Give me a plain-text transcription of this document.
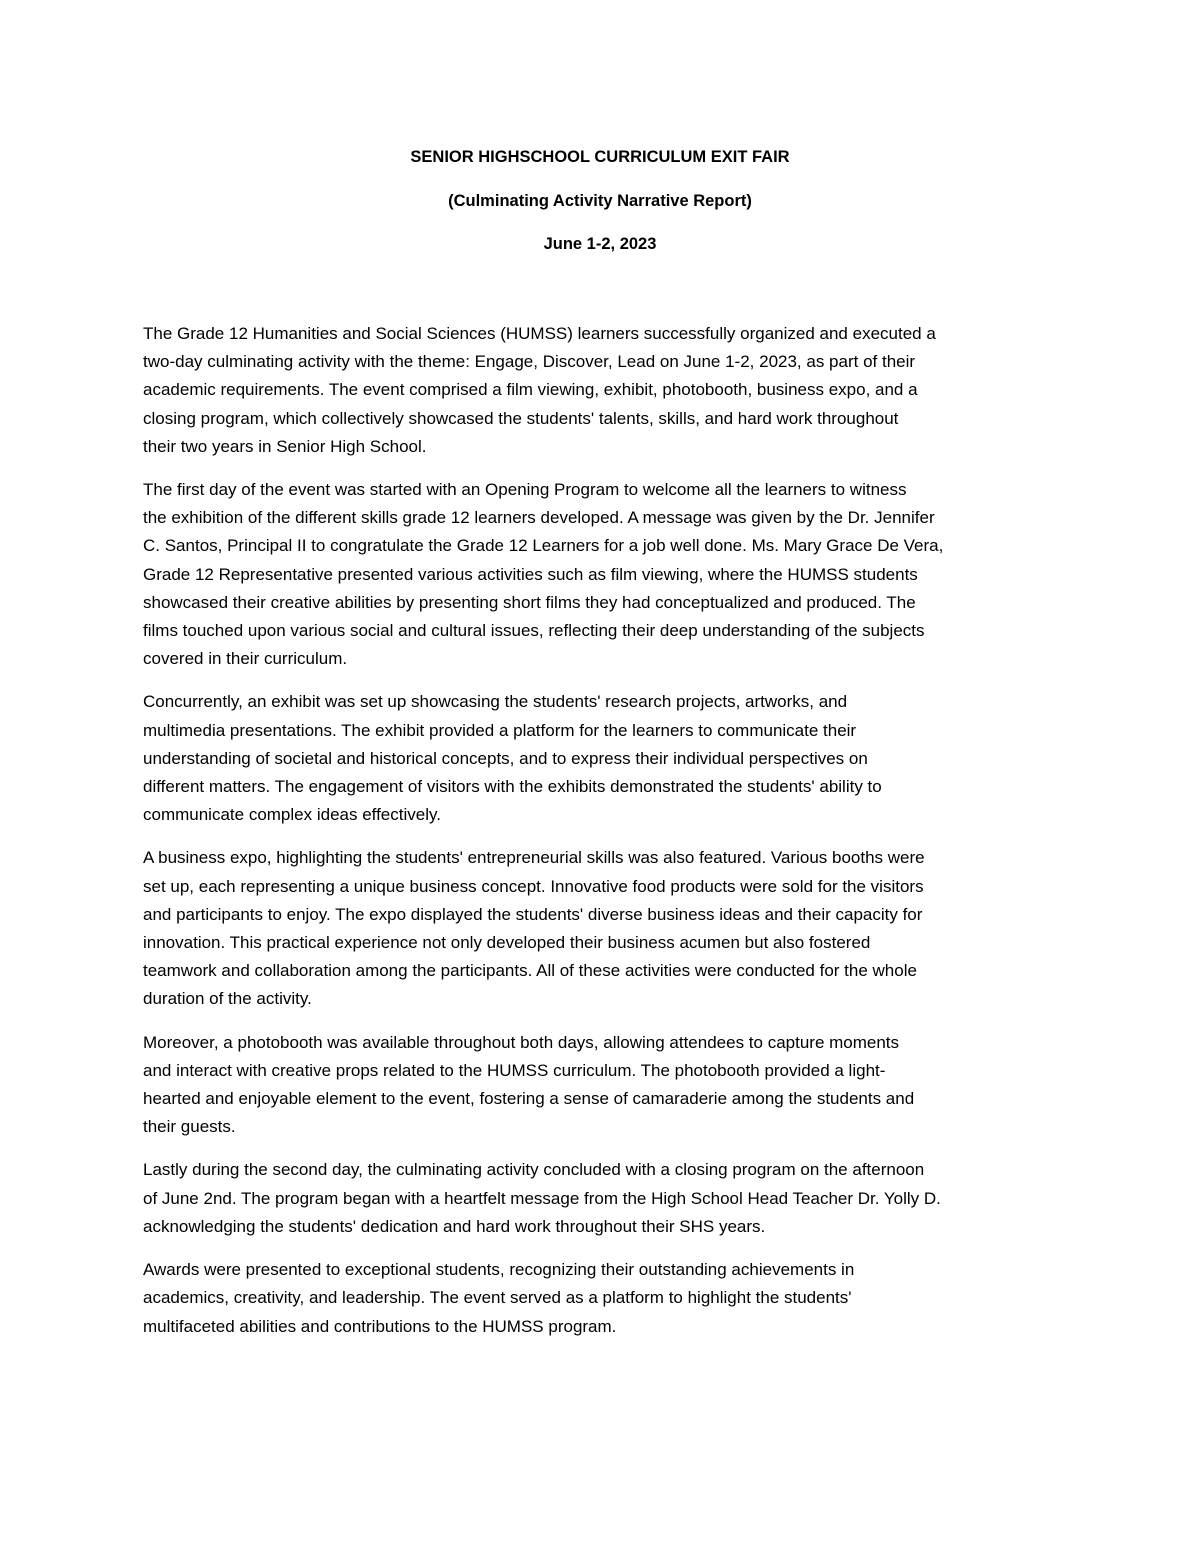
SENIOR HIGHSCHOOL CURRICULUM EXIT FAIR
(Culminating Activity Narrative Report)
June 1-2, 2023

The Grade 12 Humanities and Social Sciences (HUMSS) learners successfully organized and executed a
two-day culminating activity with the theme: Engage, Discover, Lead on June 1-2, 2023, as part of their
academic requirements. The event comprised a film viewing, exhibit, photobooth, business expo, and a
closing program, which collectively showcased the students' talents, skills, and hard work throughout
their two years in Senior High School.

The first day of the event was started with an Opening Program to welcome all the learners to witness
the exhibition of the different skills grade 12 learners developed. A message was given by the Dr. Jennifer
C. Santos, Principal II to congratulate the Grade 12 Learners for a job well done. Ms. Mary Grace De Vera,
Grade 12 Representative presented various activities such as film viewing, where the HUMSS students
showcased their creative abilities by presenting short films they had conceptualized and produced. The
films touched upon various social and cultural issues, reflecting their deep understanding of the subjects
covered in their curriculum.

Concurrently, an exhibit was set up showcasing the students' research projects, artworks, and
multimedia presentations. The exhibit provided a platform for the learners to communicate their
understanding of societal and historical concepts, and to express their individual perspectives on
different matters. The engagement of visitors with the exhibits demonstrated the students' ability to
communicate complex ideas effectively.

A business expo, highlighting the students' entrepreneurial skills was also featured. Various booths were
set up, each representing a unique business concept. Innovative food products were sold for the visitors
and participants to enjoy. The expo displayed the students' diverse business ideas and their capacity for
innovation. This practical experience not only developed their business acumen but also fostered
teamwork and collaboration among the participants. All of these activities were conducted for the whole
duration of the activity.

Moreover, a photobooth was available throughout both days, allowing attendees to capture moments
and interact with creative props related to the HUMSS curriculum. The photobooth provided a light-
hearted and enjoyable element to the event, fostering a sense of camaraderie among the students and
their guests.

Lastly during the second day, the culminating activity concluded with a closing program on the afternoon
of June 2nd. The program began with a heartfelt message from the High School Head Teacher Dr. Yolly D.
acknowledging the students' dedication and hard work throughout their SHS years.

Awards were presented to exceptional students, recognizing their outstanding achievements in
academics, creativity, and leadership. The event served as a platform to highlight the students'
multifaceted abilities and contributions to the HUMSS program.
